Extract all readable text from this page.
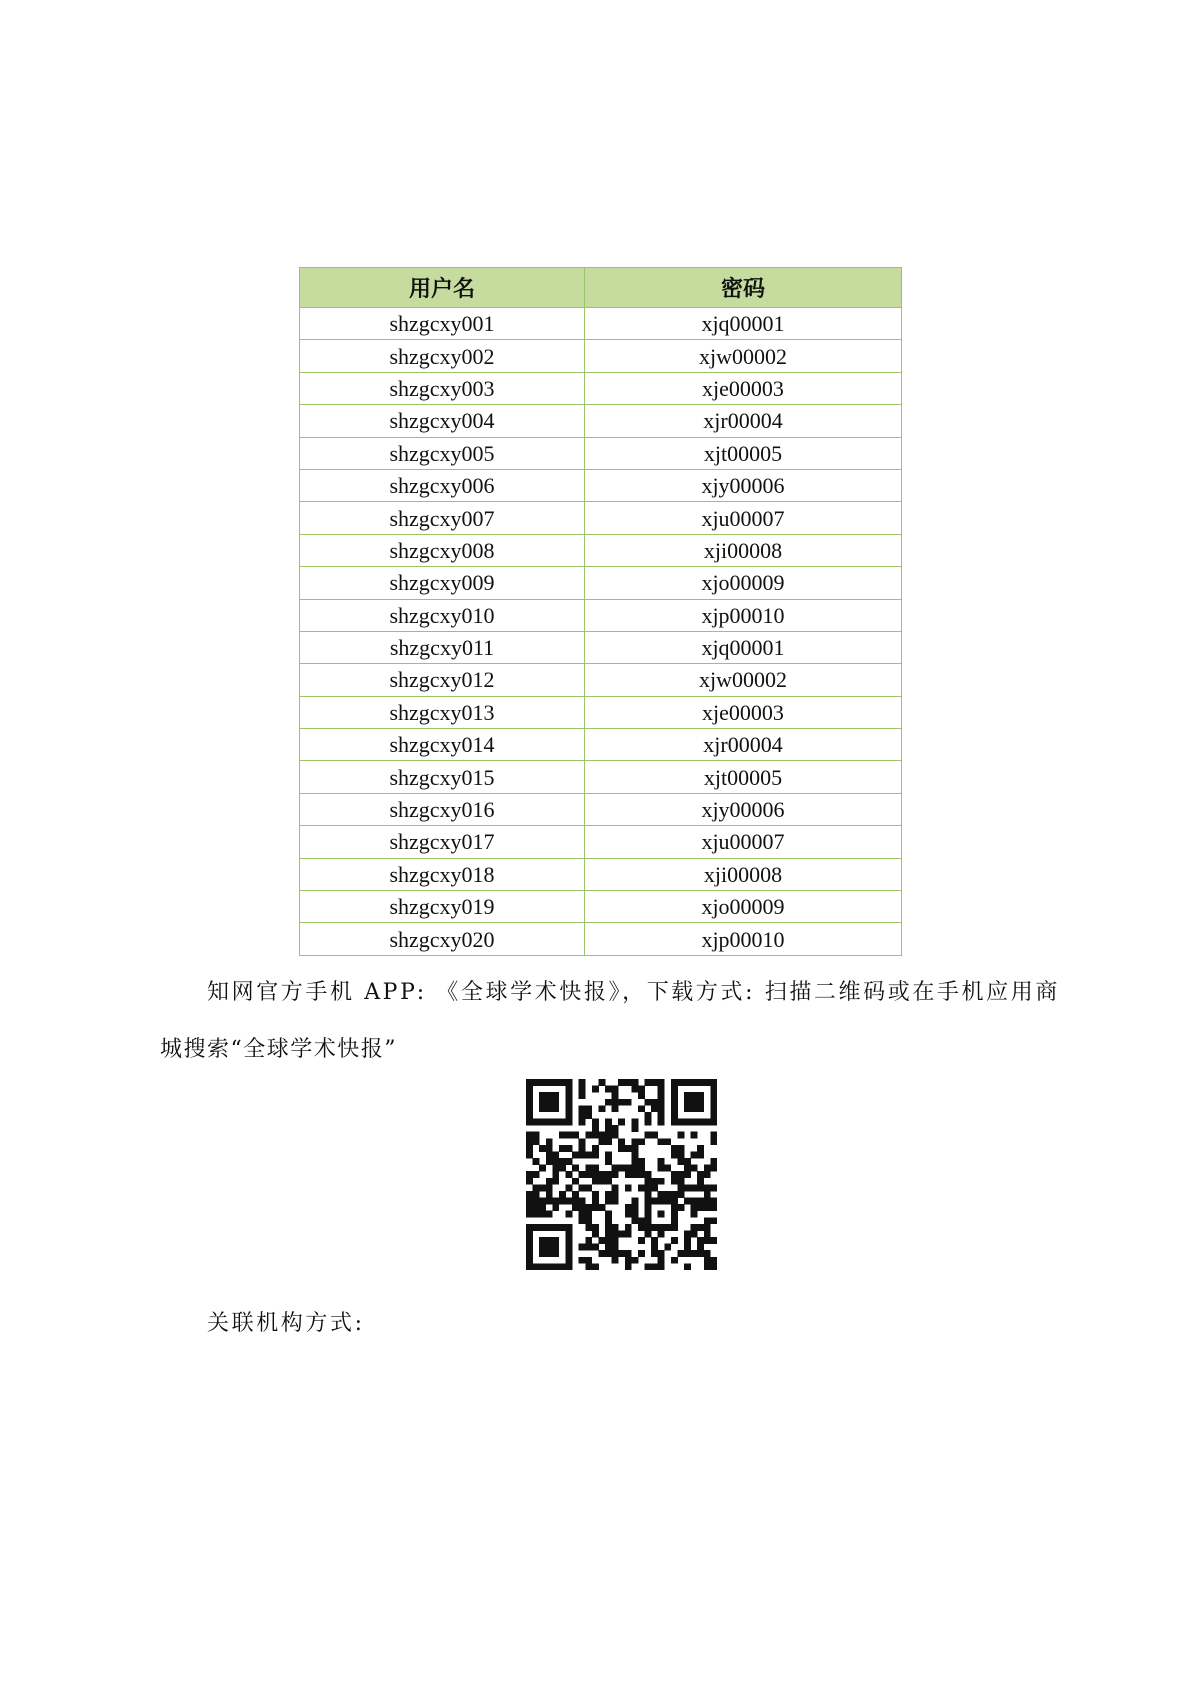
用户名	密码
shzgcxy001	xjq00001
shzgcxy002	xjw00002
shzgcxy003	xje00003
shzgcxy004	xjr00004
shzgcxy005	xjt00005
shzgcxy006	xjy00006
shzgcxy007	xju00007
shzgcxy008	xji00008
shzgcxy009	xjo00009
shzgcxy010	xjp00010
shzgcxy011	xjq00001
shzgcxy012	xjw00002
shzgcxy013	xje00003
shzgcxy014	xjr00004
shzgcxy015	xjt00005
shzgcxy016	xjy00006
shzgcxy017	xju00007
shzgcxy018	xji00008
shzgcxy019	xjo00009
shzgcxy020	xjp00010
知网官方手机 APP: 《全球学术快报》，下载方式: 扫描二维码或在手机应用商
城搜索“全球学术快报”
关联机构方式:
